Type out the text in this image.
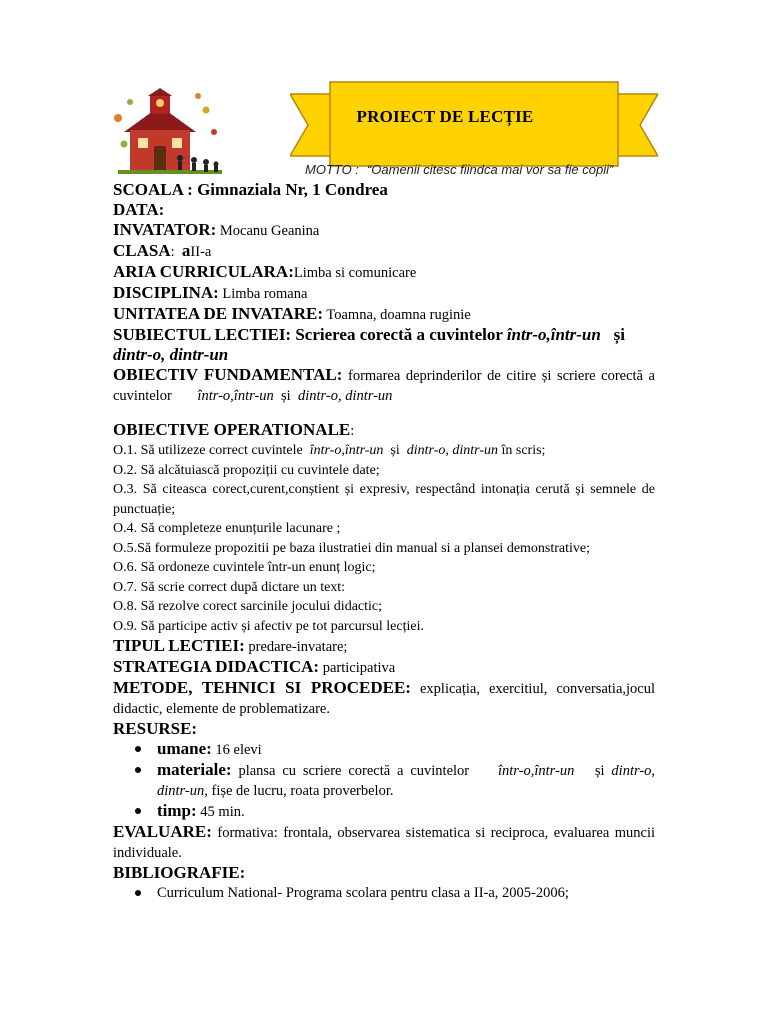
PROIECT DE LECȚIE
MOTTO : “Oamenii citesc fiindca mai vor sa fie copii”
SCOALA : Gimnaziala Nr, 1 Condrea
DATA:
INVATATOR: Mocanu Geanina
CLASA: aII-a
ARIA CURRICULARA:Limba si comunicare
DISCIPLINA: Limba romana
UNITATEA DE INVATARE: Toamna, doamna ruginie
SUBIECTUL LECTIEI: Scrierea corectă a cuvintelor într-o,într-un și
dintr-o, dintr-un
OBIECTIV FUNDAMENTAL: formarea deprinderilor de citire și scriere corectă a cuvintelor într-o,într-un și dintr-o, dintr-un
OBIECTIVE OPERATIONALE:
O.1. Să utilizeze correct cuvintele într-o,într-un și dintr-o, dintr-un în scris;
O.2. Să alcătuiască propoziții cu cuvintele date;
O.3. Să citeasca corect,curent,conștient și expresiv, respectând intonația cerută și semnele de punctuație;
O.4. Să completeze enunțurile lacunare ;
O.5.Să formuleze propozitii pe baza ilustratiei din manual si a plansei demonstrative;
O.6. Să ordoneze cuvintele într-un enunț logic;
O.7. Să scrie correct după dictare un text:
O.8. Să rezolve corect sarcinile jocului didactic;
O.9. Să participe activ și afectiv pe tot parcursul lecției.
TIPUL LECTIEI: predare-invatare;
STRATEGIA DIDACTICA: participativa
METODE, TEHNICI SI PROCEDEE: explicația, exercitiul, conversatia,jocul didactic, elemente de problematizare.
RESURSE:
umane: 16 elevi
materiale: plansa cu scriere corectă a cuvintelor într-o,într-un și dintr-o, dintr-un, fișe de lucru, roata proverbelor.
timp: 45 min.
EVALUARE: formativa: frontala, observarea sistematica si reciproca, evaluarea muncii individuale.
BIBLIOGRAFIE:
Curriculum National- Programa scolara pentru clasa a II-a, 2005-2006;
